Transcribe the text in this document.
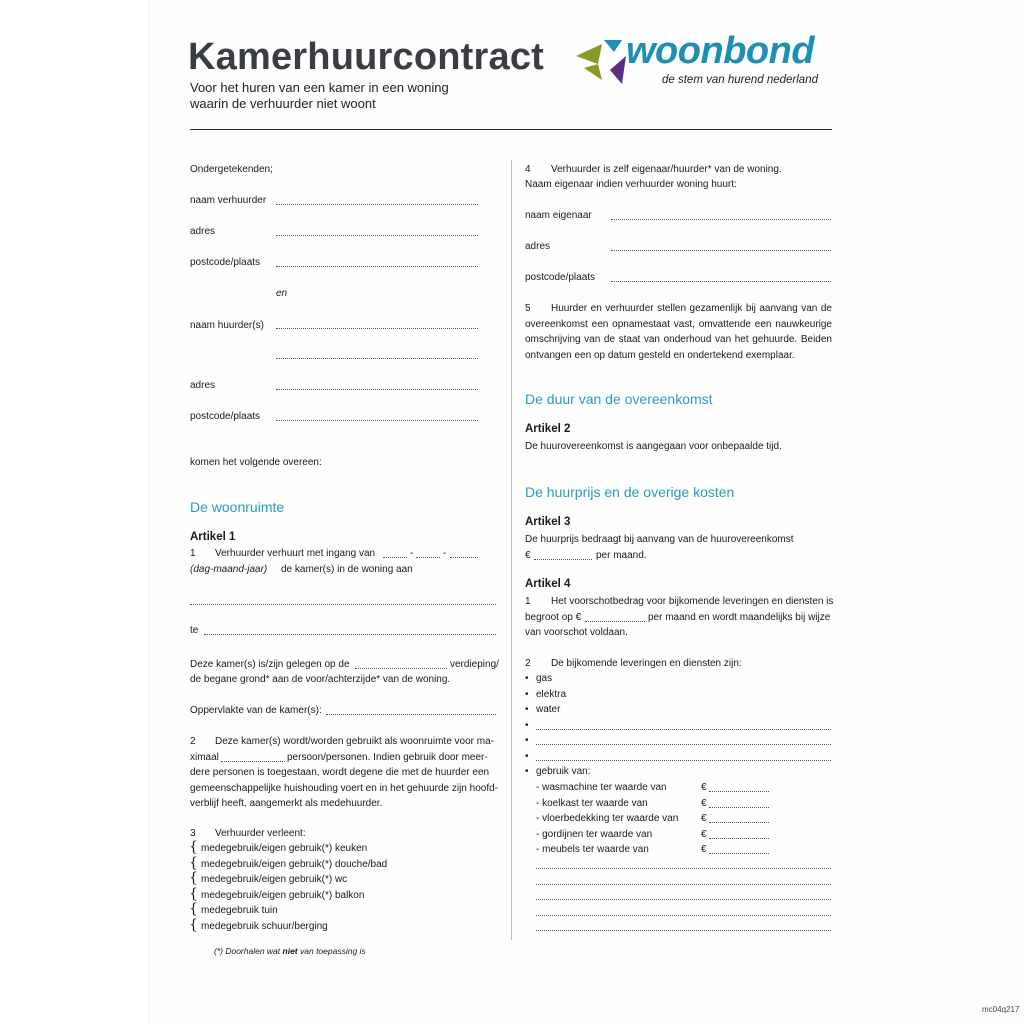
Kamerhuurcontract
Voor het huren van een kamer in een woning
waarin de verhuurder niet woont
woonbond
de stem van hurend nederland
Ondergetekenden;
naam verhuurder
adres
postcode/plaats
en
naam huurder(s)
adres
postcode/plaats
komen het volgende overeen:
De woonruimte
Artikel 1
1 Verhuurder verhuurt met ingang van	-	-
(dag-maand-jaar) de kamer(s) in de woning aan
te
Deze kamer(s) is/zijn gelegen op de	verdieping/
de begane grond* aan de voor/achterzijde* van de woning.
Oppervlakte van de kamer(s):
2 Deze kamer(s) wordt/worden gebruikt als woonruimte voor ma-
ximaal	persoon/personen. Indien gebruik door meer-
dere personen is toegestaan, wordt degene die met de huurder een
gemeenschappelijke huishouding voert en in het gehuurde zijn hoofd-
verblijf heeft, aangemerkt als medehuurder.
3 Verhuurder verleent:
{ medegebruik/eigen gebruik(*) keuken
{ medegebruik/eigen gebruik(*) douche/bad
{ medegebruik/eigen gebruik(*) wc
{ medegebruik/eigen gebruik(*) balkon
{ medegebruik tuin
{ medegebruik schuur/berging
(*) Doorhalen wat niet van toepassing is
4 Verhuurder is zelf eigenaar/huurder* van de woning.
Naam eigenaar indien verhuurder woning huurt:
naam eigenaar
adres
postcode/plaats
5	Huurder en verhuurder stellen gezamenlijk bij aanvang van de
overeenkomst een opnamestaat vast, omvattende een nauwkeurige
omschrijving van de staat van onderhoud van het gehuurde. Beiden
ontvangen een op datum gesteld en ondertekend exemplaar.
De duur van de overeenkomst
Artikel 2
De huurovereenkomst is aangegaan voor onbepaalde tijd.
De huurprijs en de overige kosten
Artikel 3
De huurprijs bedraagt bij aanvang van de huurovereenkomst
€	per maand.
Artikel 4
1 Het voorschotbedrag voor bijkomende leveringen en diensten is
begroot op €	per maand en wordt maandelijks bij wijze
van voorschot voldaan.
2 De bijkomende leveringen en diensten zijn:
• gas
• elektra
• water
•
•
•
• gebruik van:
- wasmachine ter waarde van	€
- koelkast ter waarde van	€
- vloerbedekking ter waarde van €
- gordijnen ter waarde van	€
- meubels ter waarde van	€
mc04q217
